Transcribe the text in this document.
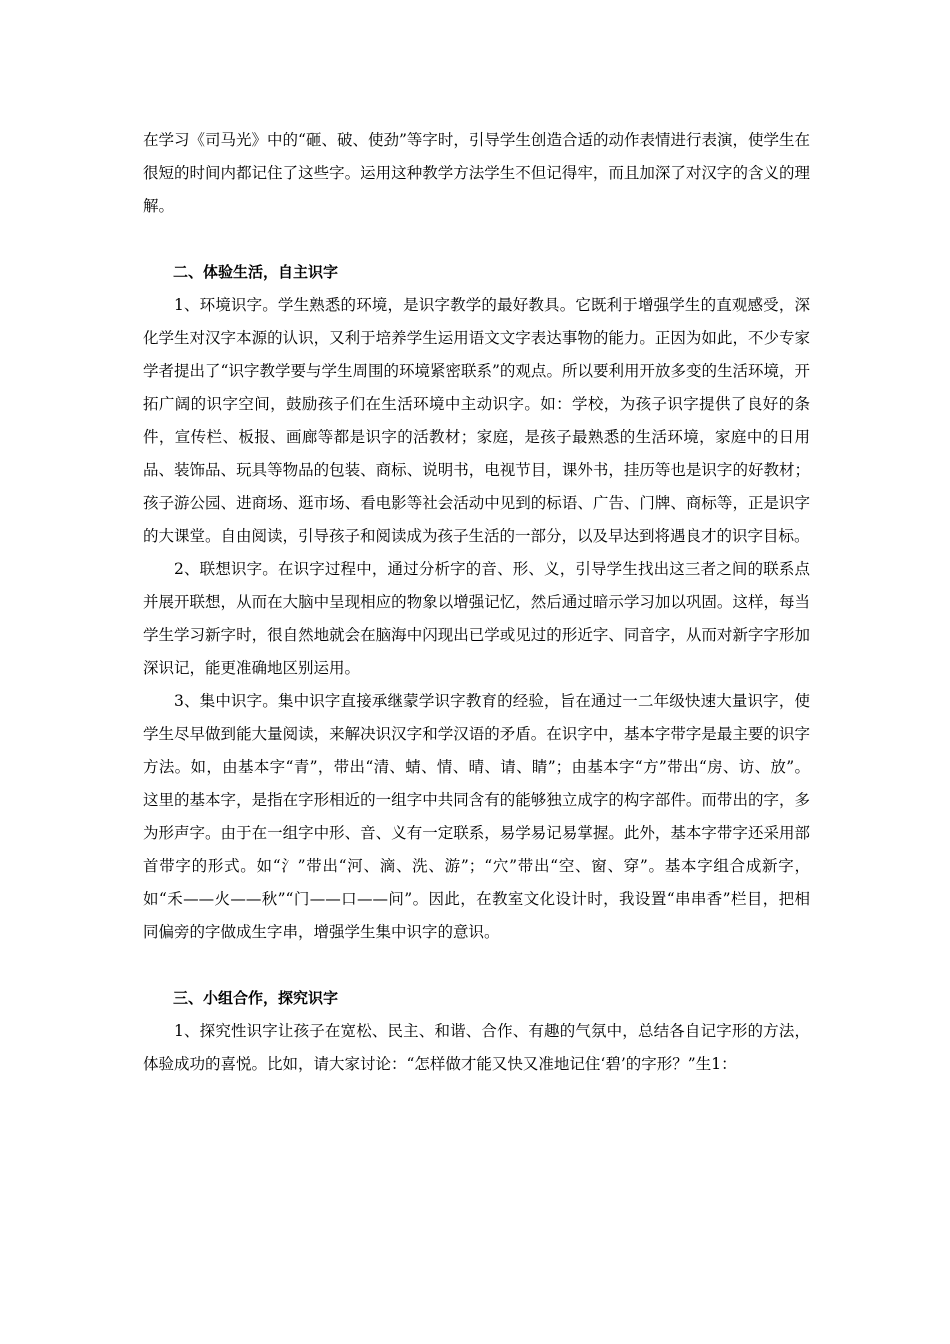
在学习《司马光》中的“砸、破、使劲”等字时，引导学生创造合适的动作表情进行表演，使学生在很短的时间内都记住了这些字。运用这种教学方法学生不但记得牢，而且加深了对汉字的含义的理解。

二、体验生活，自主识字

1、环境识字。学生熟悉的环境，是识字教学的最好教具。它既利于增强学生的直观感受，深化学生对汉字本源的认识，又利于培养学生运用语文文字表达事物的能力。正因为如此，不少专家学者提出了“识字教学要与学生周围的环境紧密联系”的观点。所以要利用开放多变的生活环境，开拓广阔的识字空间，鼓励孩子们在生活环境中主动识字。如：学校，为孩子识字提供了良好的条件，宣传栏、板报、画廊等都是识字的活教材；家庭，是孩子最熟悉的生活环境，家庭中的日用品、装饰品、玩具等物品的包装、商标、说明书，电视节目，课外书，挂历等也是识字的好教材；孩子游公园、进商场、逛市场、看电影等社会活动中见到的标语、广告、门牌、商标等，正是识字的大课堂。自由阅读，引导孩子和阅读成为孩子生活的一部分，以及早达到将遇良才的识字目标。

2、联想识字。在识字过程中，通过分析字的音、形、义，引导学生找出这三者之间的联系点并展开联想，从而在大脑中呈现相应的物象以增强记忆，然后通过暗示学习加以巩固。这样，每当学生学习新字时，很自然地就会在脑海中闪现出已学或见过的形近字、同音字，从而对新字字形加深识记，能更准确地区别运用。

3、集中识字。集中识字直接承继蒙学识字教育的经验，旨在通过一二年级快速大量识字，使学生尽早做到能大量阅读，来解决识汉字和学汉语的矛盾。在识字中，基本字带字是最主要的识字方法。如，由基本字“青”，带出“清、蜻、情、晴、请、睛”；由基本字“方”带出“房、访、放”。这里的基本字，是指在字形相近的一组字中共同含有的能够独立成字的构字部件。而带出的字，多为形声字。由于在一组字中形、音、义有一定联系，易学易记易掌握。此外，基本字带字还采用部首带字的形式。如“氵”带出“河、滴、洗、游”；“穴”带出“空、窗、穿”。基本字组合成新字，如“禾——火——秋”“门——口——问”。因此，在教室文化设计时，我设置“串串香”栏目，把相同偏旁的字做成生字串，增强学生集中识字的意识。

三、小组合作，探究识字

1、探究性识字让孩子在宽松、民主、和谐、合作、有趣的气氛中，总结各自记字形的方法，体验成功的喜悦。比如，请大家讨论：“怎样做才能又快又准地记住‘碧’的字形？”生1：
